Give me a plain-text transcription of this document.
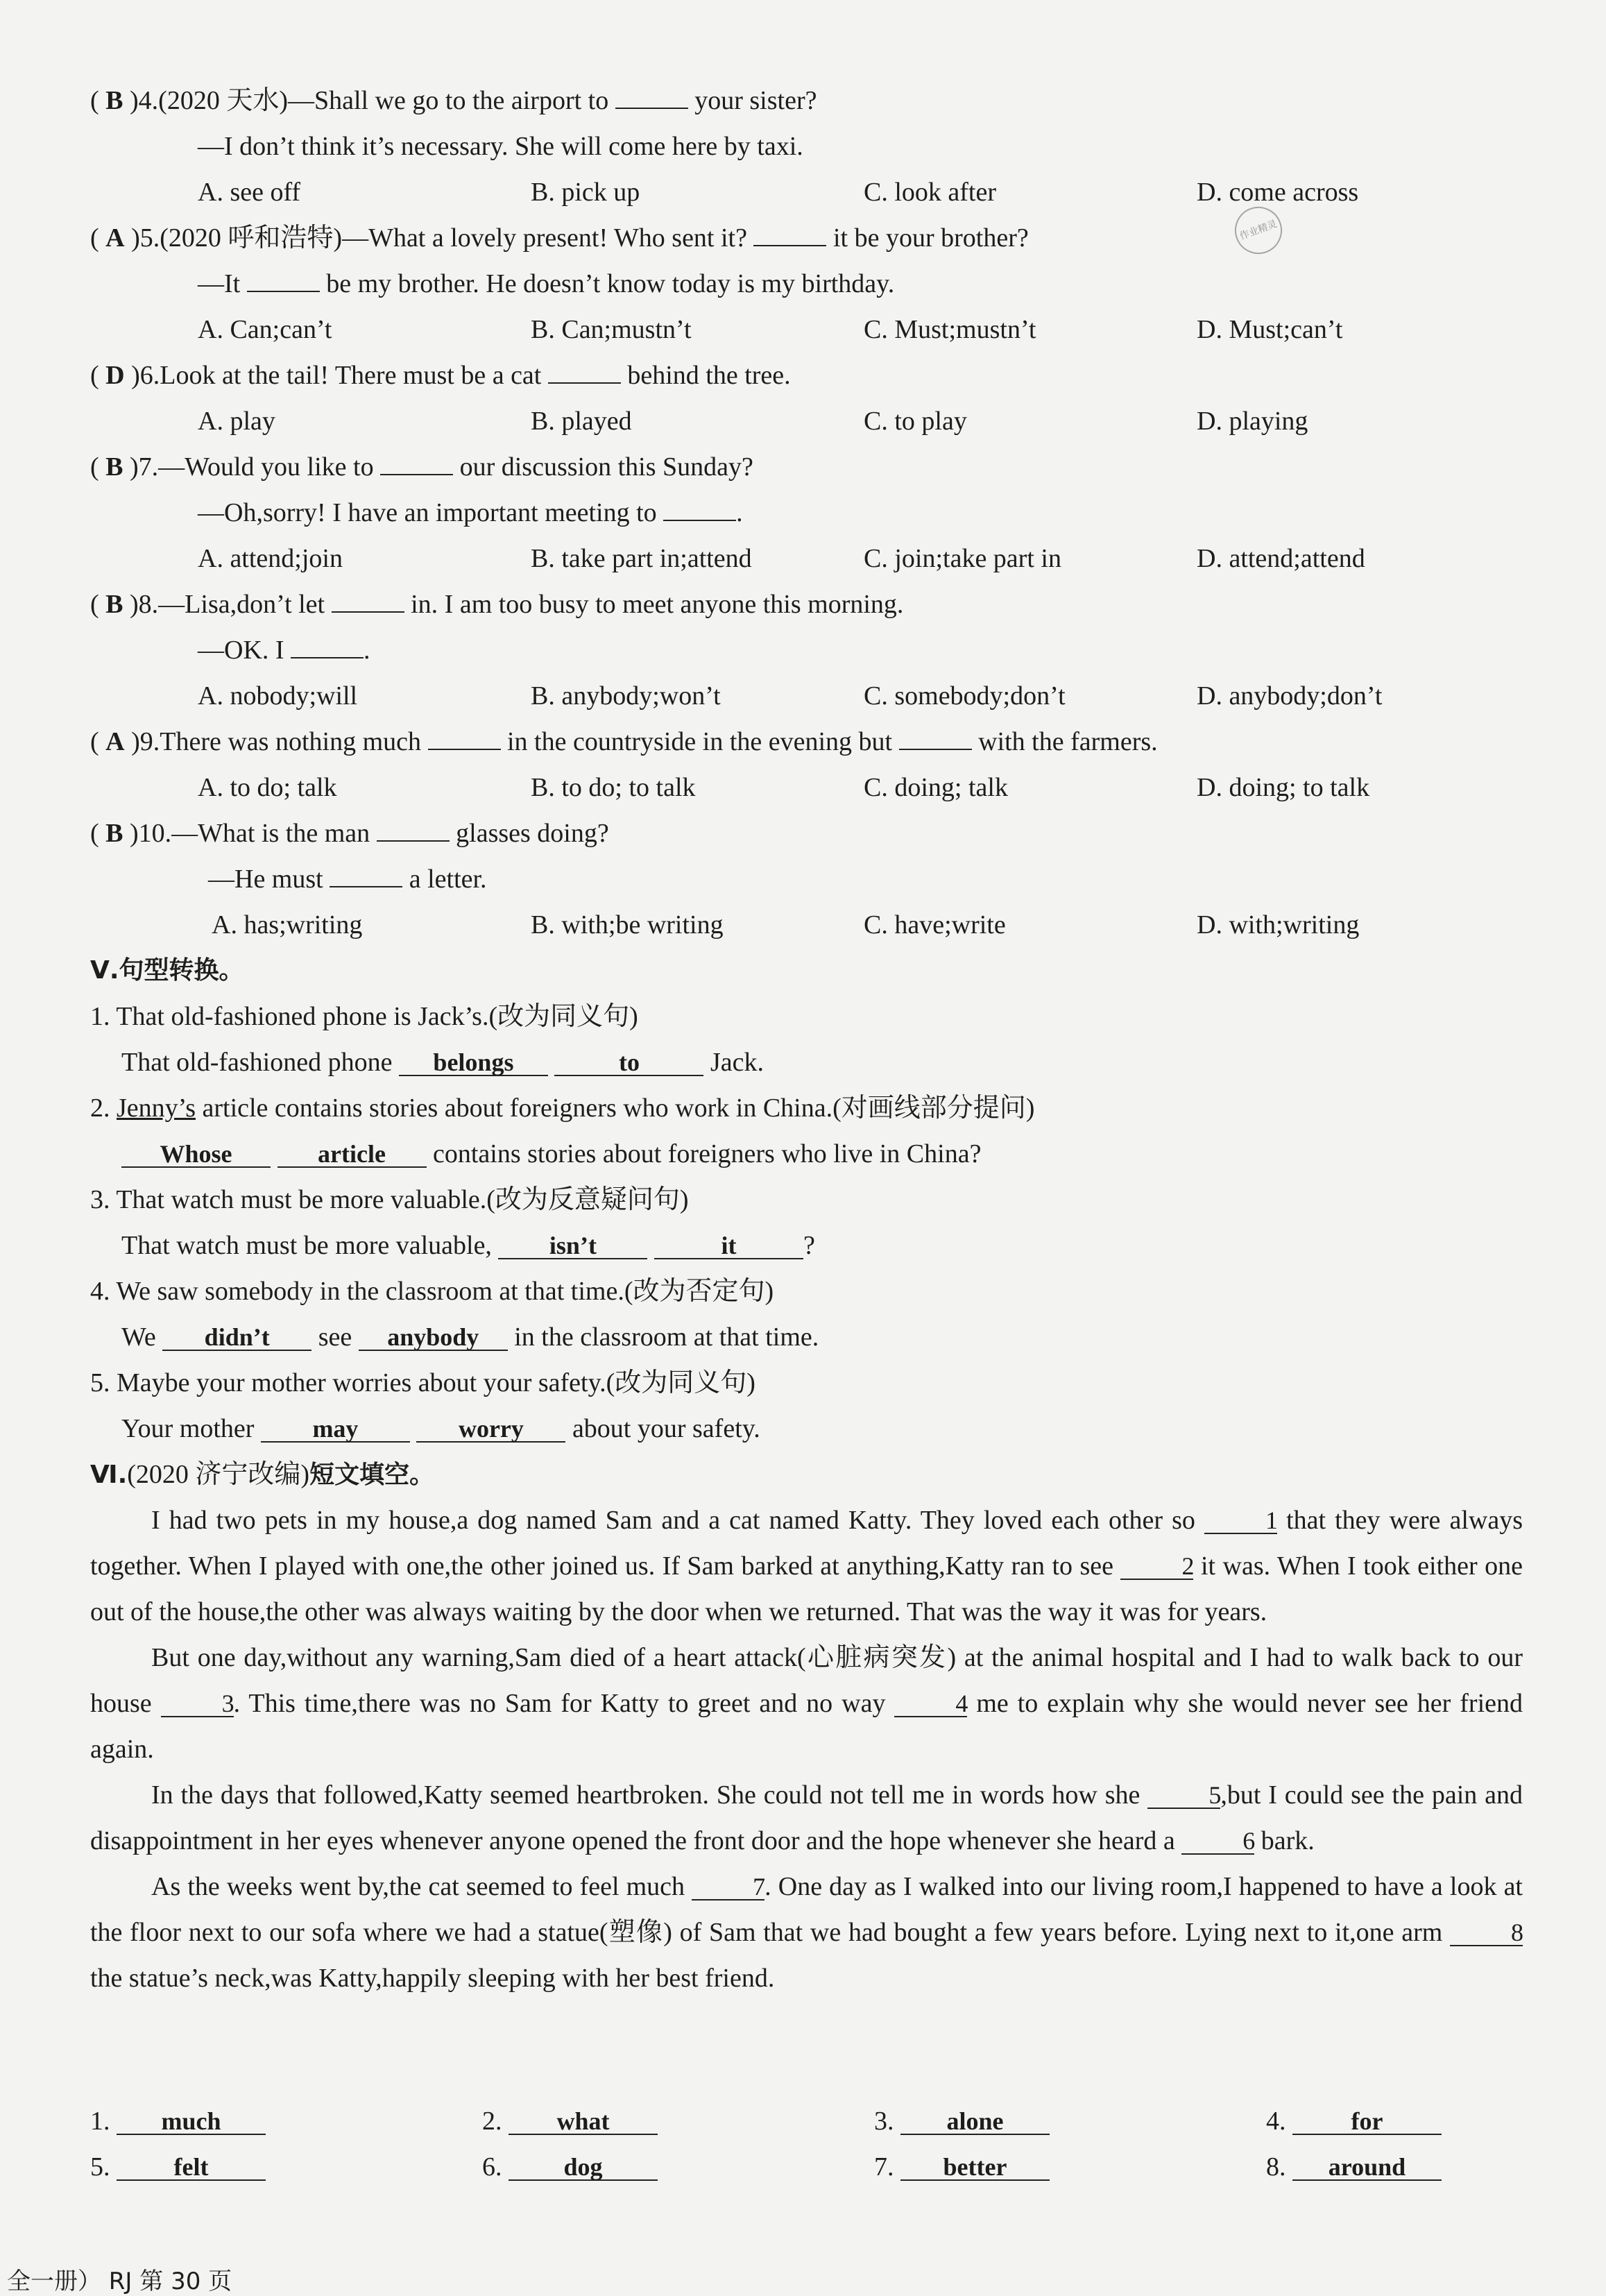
( B )4.(2020 天水)—Shall we go to the airport to	your sister?
—I don’t think it’s necessary. She will come here by taxi.
A. see off	B. pick up	C. look after	D. come across
( A )5.(2020 呼和浩特)—What a lovely present! Who sent it?	it be your brother?	作业精灵
—It	be my brother. He doesn’t know today is my birthday.
A. Can;can’t	B. Can;mustn’t	C. Must;mustn’t	D. Must;can’t
( D )6.Look at the tail! There must be a cat	behind the tree.
A. play	B. played	C. to play	D. playing
( B )7.—Would you like to	our discussion this Sunday?
—Oh,sorry! I have an important meeting to	.
A. attend;join	B. take part in;attend	C. join;take part in	D. attend;attend
( B )8.—Lisa,don’t let	in. I am too busy to meet anyone this morning.
—OK. I	.
A. nobody;will	B. anybody;won’t	C. somebody;don’t	D. anybody;don’t
( A )9.There was nothing much	in the countryside in the evening but	with the farmers.
A. to do; talk	B. to do; to talk	C. doing; talk	D. doing; to talk
( B )10.—What is the man	glasses doing?
—He must	a letter.
A. has;writing	B. with;be writing	C. have;write	D. with;writing
Ⅴ.句型转换。
1. That old-fashioned phone is Jack’s.(改为同义句)
That old-fashioned phone belongs	to	Jack.
2. Jenny’s article contains stories about foreigners who work in China.(对画线部分提问)
Whose	article contains stories about foreigners who live in China?
3. That watch must be more valuable.(改为反意疑问句)
That watch must be more valuable, isn’t	it	?
4. We saw somebody in the classroom at that time.(改为否定句)
We didn’t see anybody in the classroom at that time.
5. Maybe your mother worries about your safety.(改为同义句)
Your mother may	worry about your safety.
Ⅵ.(2020 济宁改编)短文填空。

I had two pets in my house,a dog named Sam and a cat named Katty. They loved each other so	1 that they were always together. When I played with one,the other joined us. If Sam barked at anything,Katty ran to see	2 it was. When I took either one out of the house,the other was always waiting by the door when we returned. That was the way it was for years.

But one day,without any warning,Sam died of a heart attack(心脏病突发) at the animal hospital and I had to walk back to our house	3. This time,there was no Sam for Katty to greet and no way	4 me to explain why she would never see her friend again.

In the days that followed,Katty seemed heartbroken. She could not tell me in words how she	5,but I could see the pain and disappointment in her eyes whenever anyone opened the front door and the hope whenever she heard a	6 bark.

As the weeks went by,the cat seemed to feel much	7. One day as I walked into our living room,I happened to have a look at the floor next to our sofa where we had a statue(塑像) of Sam that we had bought a few years before. Lying next to it,one arm	8 the statue’s neck,was Katty,happily sleeping with her best friend.

1. much	2. what	3. alone	4. for
5. felt	6. dog	7. better	8. around
全一册） RJ 第 30 页
